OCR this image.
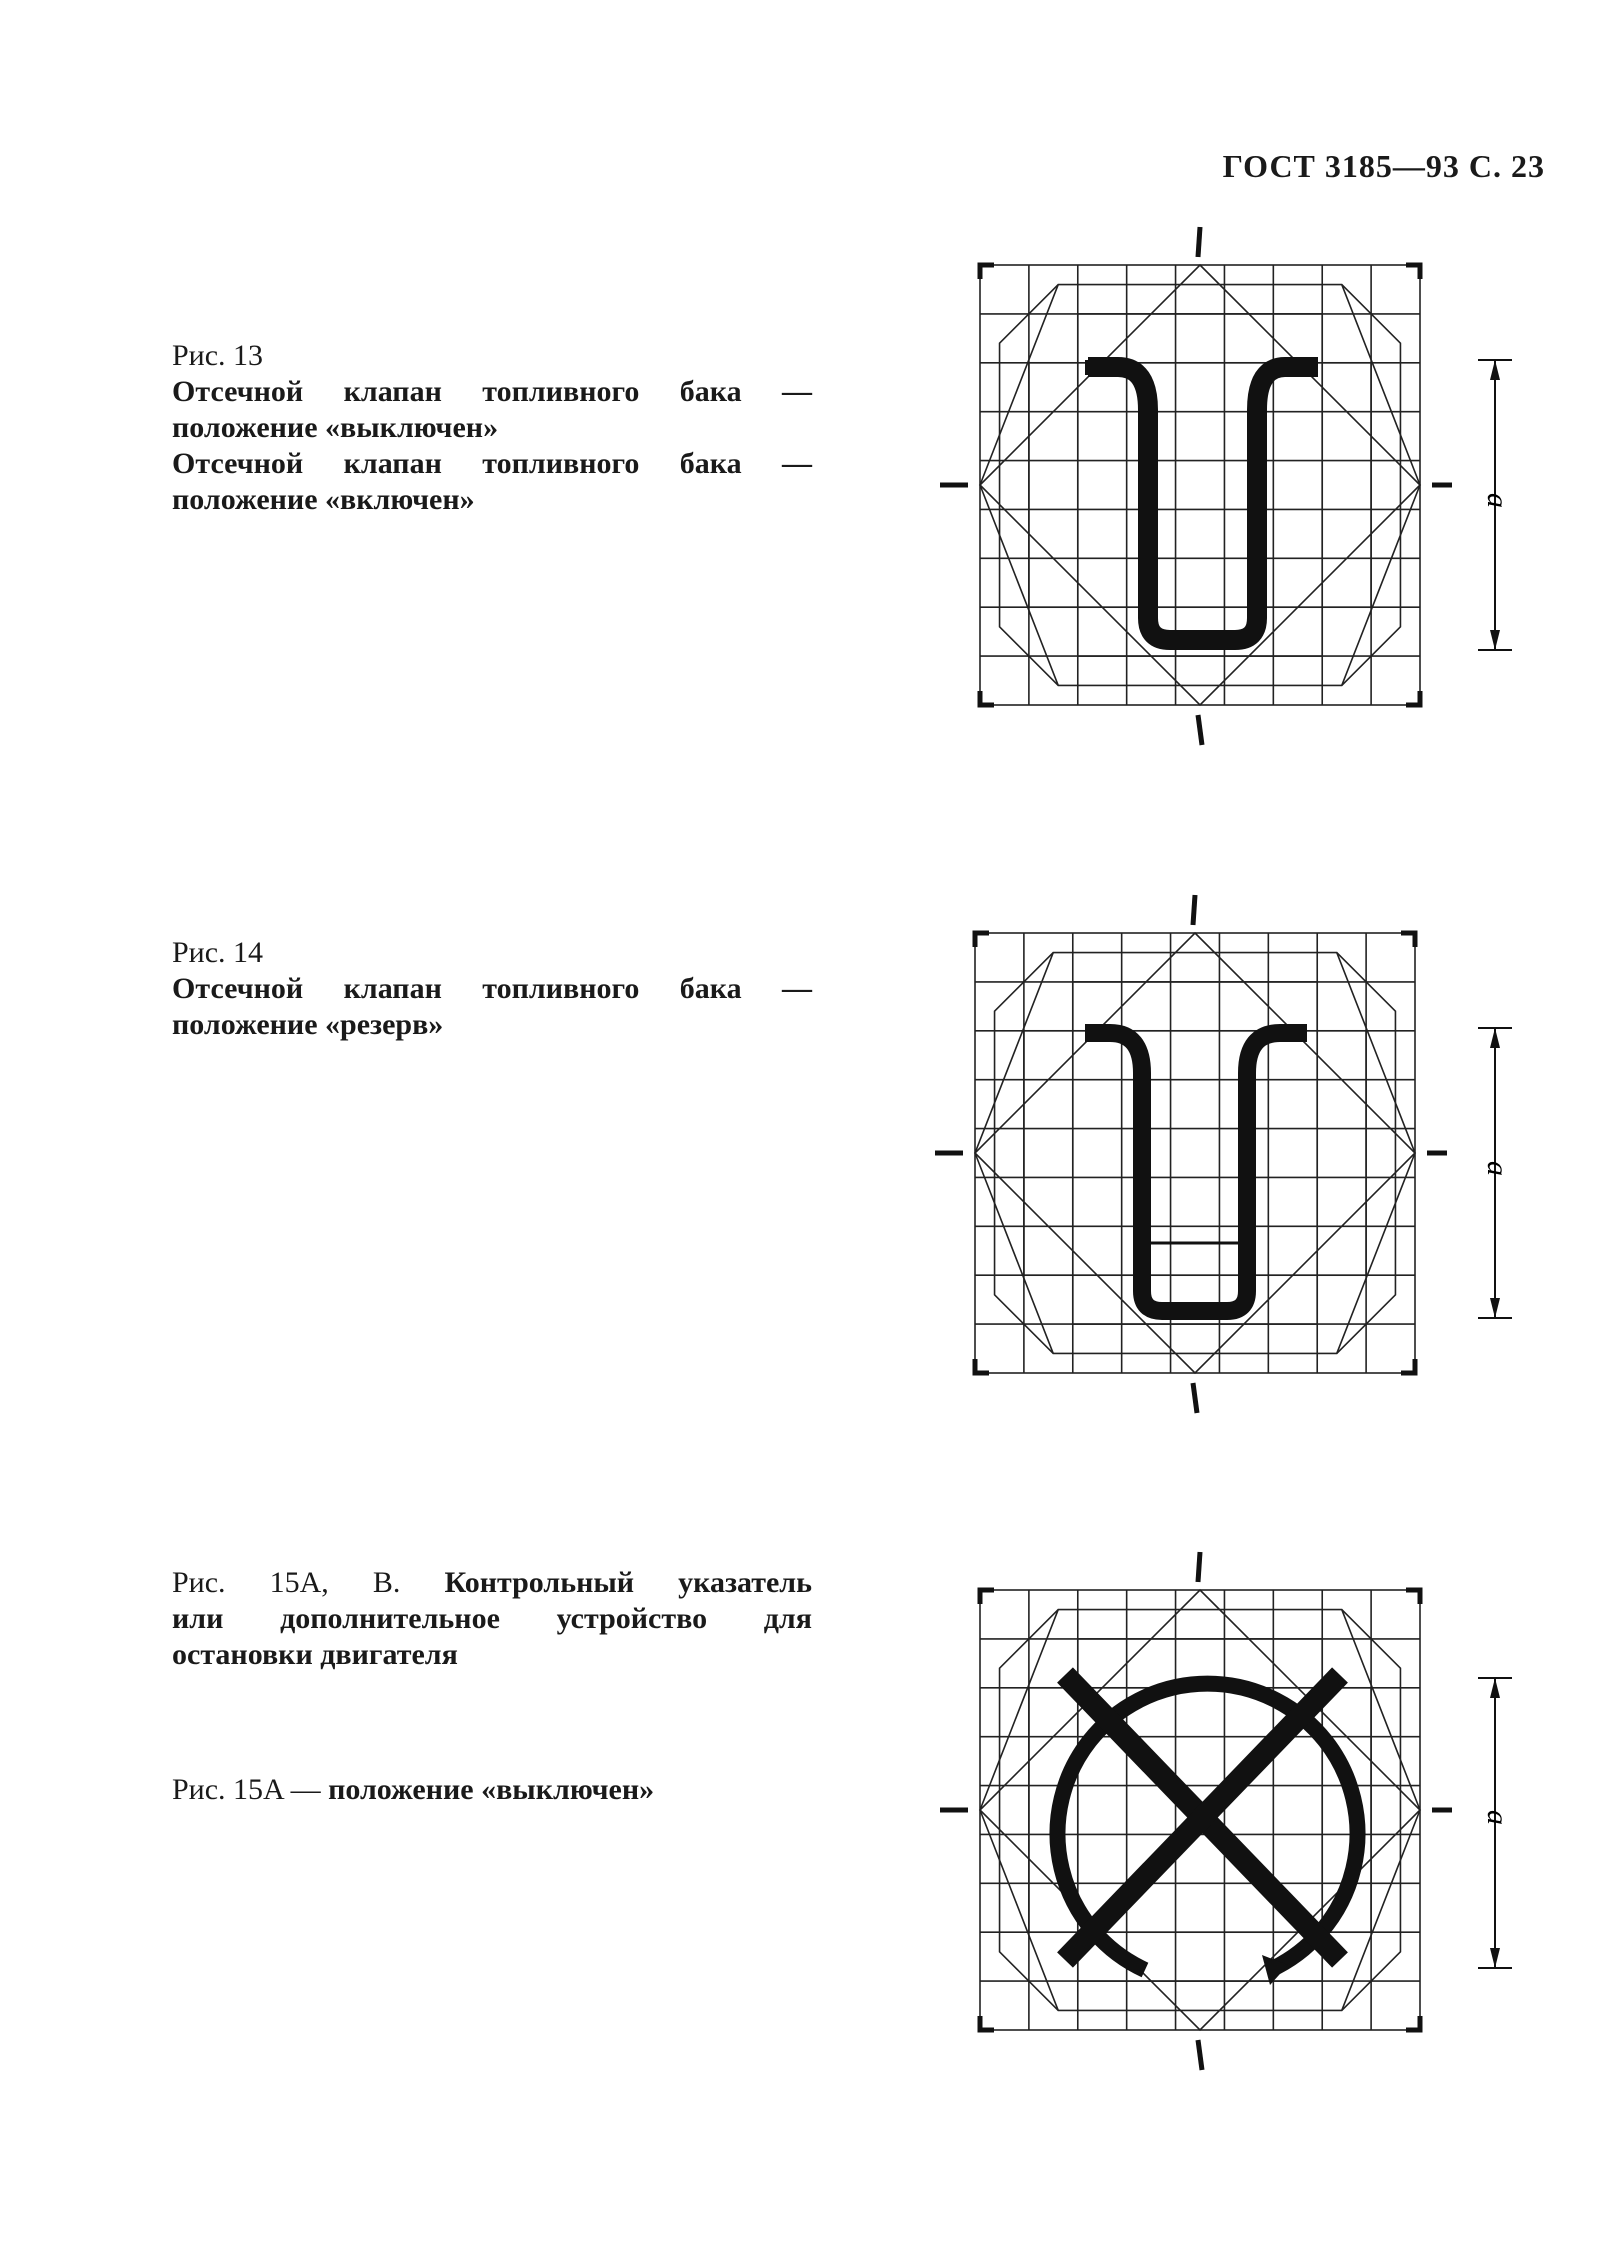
ГОСТ 3185—93 С. 23
Рис. 13
Отсечной клапан топливного бака —
положение «выключен»
Отсечной клапан топливного бака —
положение «включен»
Рис. 14
Отсечной клапан топливного бака —
положение «резерв»
Рис. 15A, B. Контрольный указатель
или дополнительное устройство для
остановки двигателя
Рис. 15A — положение «выключен»
a
a
a
